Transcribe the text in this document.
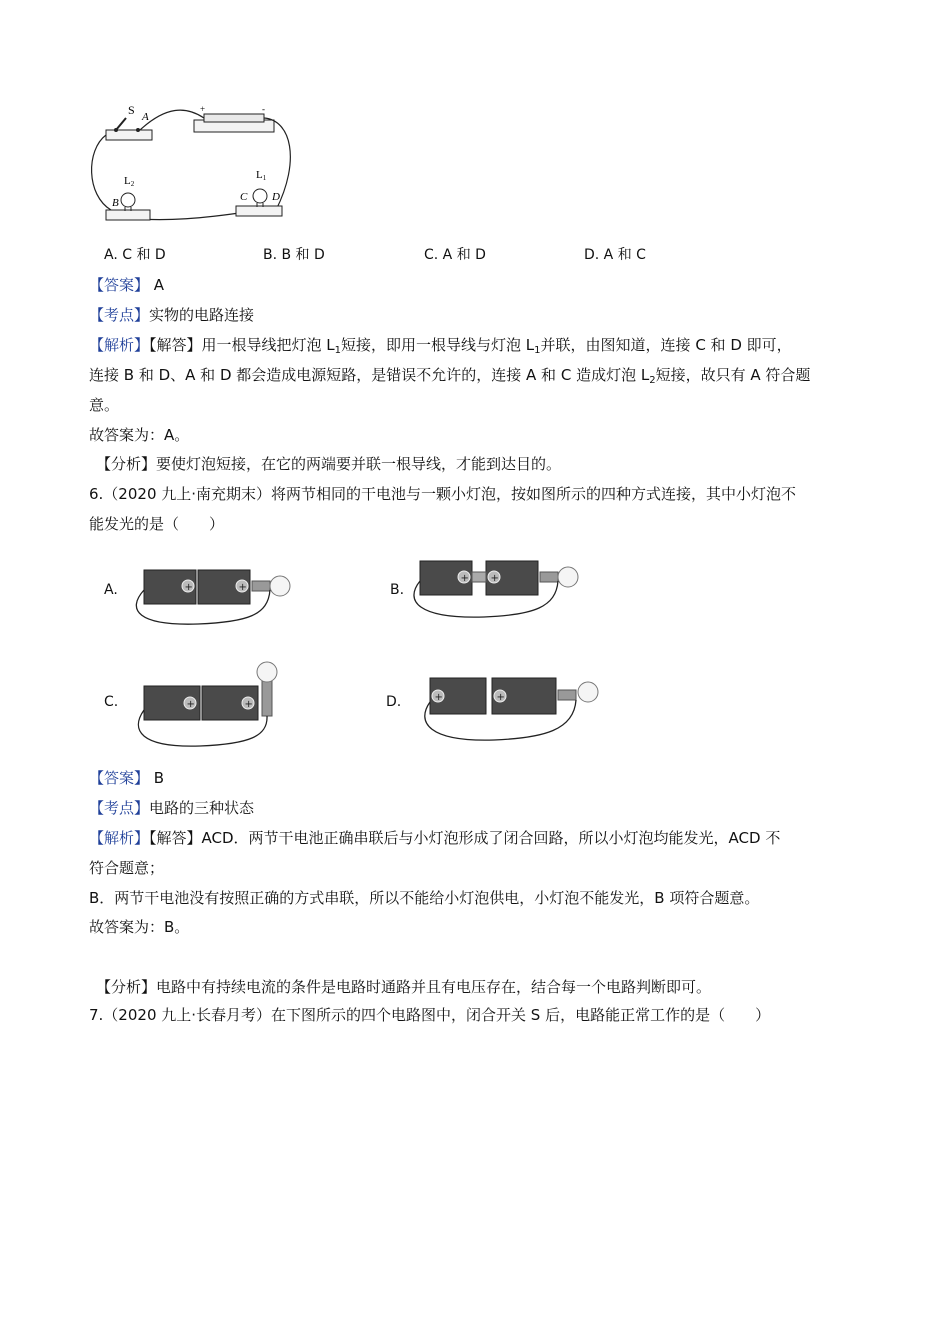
S A
+	-
L2
B
L1
C D
A. C 和 D	B. B 和 D	C. A 和 D	D. A 和 C
【答案】 A
【考点】实物的电路连接
【解析】【解答】用一根导线把灯泡 $L_1$短接，即用一根导线与灯泡 $L_1$并联，由图知道，连接 C 和 D 即可，
连接 B 和 D、A 和 D 都会造成电源短路，是错误不允许的，连接 A 和 C 造成灯泡 $L_2$短接，故只有 A 符合题
意。
故答案为：A。
【分析】要使灯泡短接，在它的两端要并联一根导线，才能到达目的。
6.（2020 九上·南充期末）将两节相同的干电池与一颗小灯泡，按如图所示的四种方式连接，其中小灯泡不
能发光的是（　　）
A.	B.
C.	D.
+	+
+ +
+	+
+	+
【答案】 B
【考点】电路的三种状态
【解析】【解答】ACD．两节干电池正确串联后与小灯泡形成了闭合回路，所以小灯泡均能发光，ACD 不
符合题意；
B．两节干电池没有按照正确的方式串联，所以不能给小灯泡供电，小灯泡不能发光，B 项符合题意。
故答案为：B。
【分析】电路中有持续电流的条件是电路时通路并且有电压存在，结合每一个电路判断即可。
7.（2020 九上·长春月考）在下图所示的四个电路图中，闭合开关 S 后，电路能正常工作的是（　　）
